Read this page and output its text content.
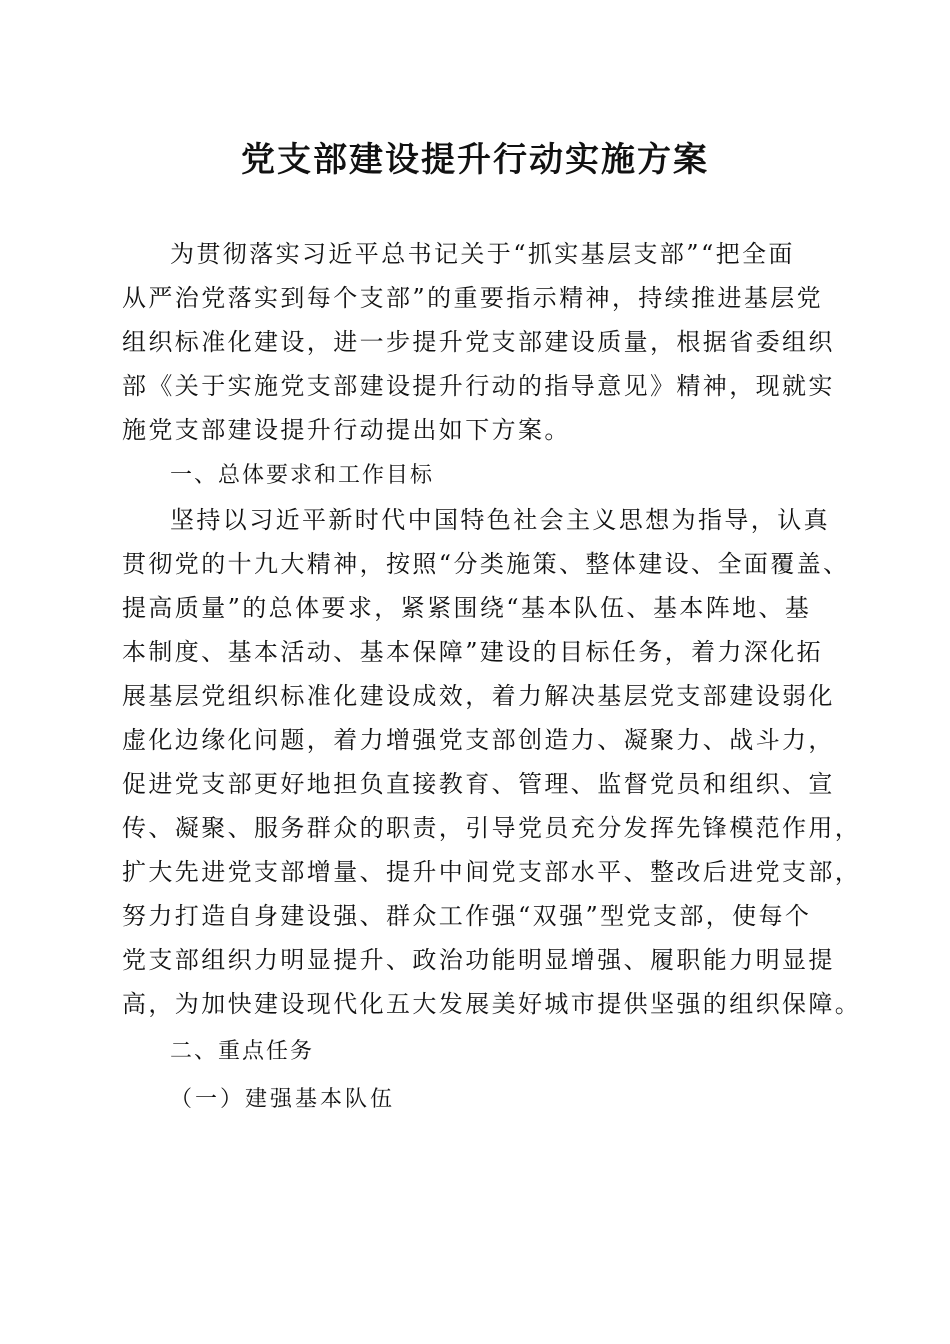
党支部建设提升行动实施方案
为贯彻落实习近平总书记关于“抓实基层支部”“把全面
从严治党落实到每个支部”的重要指示精神，持续推进基层党
组织标准化建设，进一步提升党支部建设质量，根据省委组织
部《关于实施党支部建设提升行动的指导意见》精神，现就实
施党支部建设提升行动提出如下方案。
一、总体要求和工作目标
坚持以习近平新时代中国特色社会主义思想为指导，认真
贯彻党的十九大精神，按照“分类施策、整体建设、全面覆盖、
提高质量”的总体要求，紧紧围绕“基本队伍、基本阵地、基
本制度、基本活动、基本保障”建设的目标任务，着力深化拓
展基层党组织标准化建设成效，着力解决基层党支部建设弱化
虚化边缘化问题，着力增强党支部创造力、凝聚力、战斗力，
促进党支部更好地担负直接教育、管理、监督党员和组织、宣
传、凝聚、服务群众的职责，引导党员充分发挥先锋模范作用，
扩大先进党支部增量、提升中间党支部水平、整改后进党支部，
努力打造自身建设强、群众工作强“双强”型党支部，使每个
党支部组织力明显提升、政治功能明显增强、履职能力明显提
高，为加快建设现代化五大发展美好城市提供坚强的组织保障。
二、重点任务
（一）建强基本队伍
